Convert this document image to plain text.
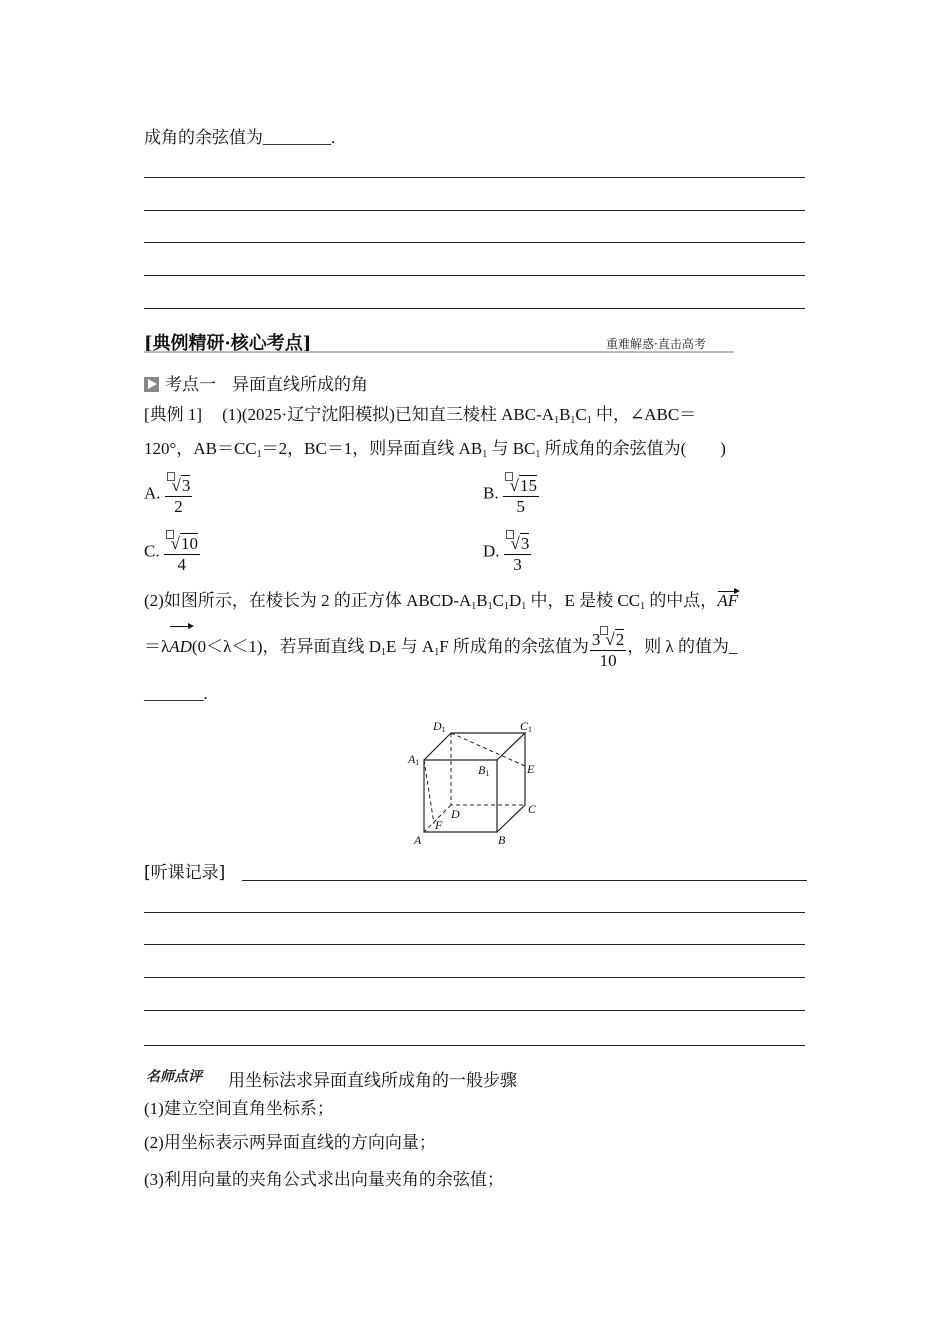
成角的余弦值为________.
[典例精研·核心考点]	重难解惑·直击高考
考点一 异面直线所成的角
[典例 1] (1)(2025·辽宁沈阳模拟)已知直三棱柱 ABC-$A_1B_1C_1$ 中，∠ABC＝
120°，$AB=CC_1=2$，BC＝1，则异面直线 $AB_1$ 与 $BC_1$ 所成角的余弦值为(　　)
A. $\frac{√3}{2}$	B. $\frac{√15}{5}$
C. $\frac{√10}{4}$	D. $\frac{√3}{3}$
(2)如图所示，在棱长为 2 的正方体 ABCD-$A_1B_1C_1D_1$ 中，E 是棱 $CC_1$ 的中点，AF
＝λAD(0＜λ＜1)，若异面直线 $D_1E$ 与 $A_1F$ 所成角的余弦值为 $\frac{3 √2}{10}$ ，则 λ 的值为_
_______.
A	B
C
D
E
F
A1
B1
C1
D1
[听课记录]
名师点评 用坐标法求异面直线所成角的一般步骤
(1)建立空间直角坐标系；
(2)用坐标表示两异面直线的方向向量；
(3)利用向量的夹角公式求出向量夹角的余弦值；
